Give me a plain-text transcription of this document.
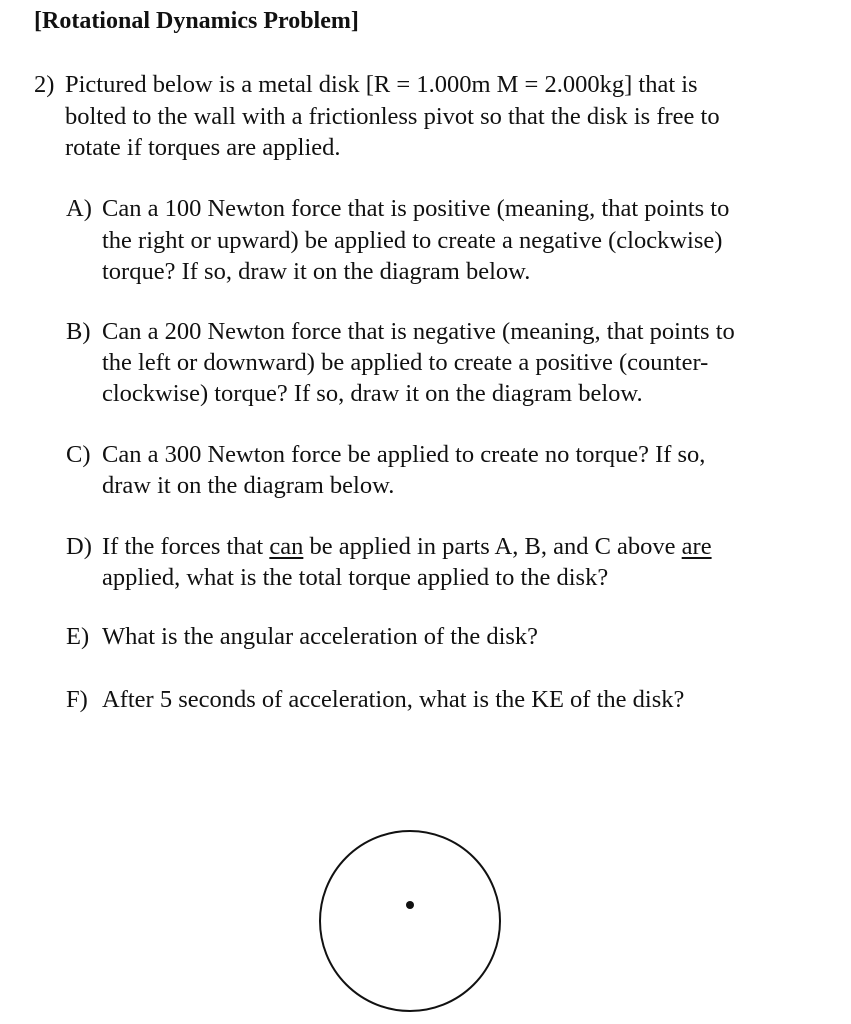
[Rotational Dynamics Problem]
2) Pictured below is a metal disk [R = 1.000m M = 2.000kg] that is
bolted to the wall with a frictionless pivot so that the disk is free to
rotate if torques are applied.
A) Can a 100 Newton force that is positive (meaning, that points to
the right or upward) be applied to create a negative (clockwise)
torque? If so, draw it on the diagram below.
B) Can a 200 Newton force that is negative (meaning, that points to
the left or downward) be applied to create a positive (counter-
clockwise) torque? If so, draw it on the diagram below.
C) Can a 300 Newton force be applied to create no torque? If so,
draw it on the diagram below.
D) If the forces that can be applied in parts A, B, and C above are
applied, what is the total torque applied to the disk?
E) What is the angular acceleration of the disk?
F) After 5 seconds of acceleration, what is the KE of the disk?
